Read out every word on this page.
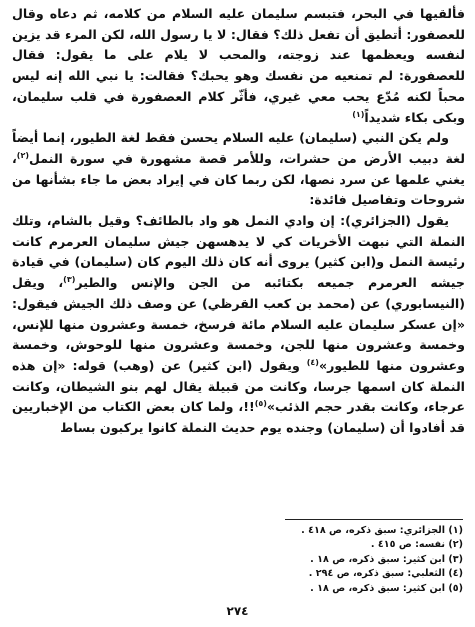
فألقيها في البحر، فتبسم سليمان عليه السلام من كلامه، ثم دعاه وقال للعصفور: أتطيق أن تفعل ذلك؟ فقال: لا يا رسول الله، لكن المرء قد يزين لنفسه ويعظمها عند زوجته، والمحب لا يلام على ما يقول: فقال للعصفورة: لم تمنعيه من نفسك وهو يحبك؟ فقالت: يا نبي الله إنه ليس محباً لكنه مُدّع يحب معي غيري، فأثّر كلام العصفورة في قلب سليمان، وبكى بكاء شديداً$^{(١)}$

ولم يكن النبي (سليمان) عليه السلام يحسن فقط لغة الطيور، إنما أيضاً لغة دبيب الأرض من حشرات، وللأمر قصة مشهورة في سورة النمل$^{(٢)}$، يغني علمها عن سرد نصها، لكن ربما كان في إيراد بعض ما جاء بشأنها من شروحات وتفاصيل فائدة:

يقول (الجزائري): إن وادي النمل هو واد بالطائف؟ وقيل بالشام، وتلك النملة التي نبهت الأخريات كي لا يدهسهن جيش سليمان العرمرم كانت رئيسة النمل و(ابن كثير) يروى أنه كان ذلك اليوم كان (سليمان) في قيادة جيشه العرمرم جميعه بكتائبه من الجن والإنس والطير$^{(٣)}$، ويقل (النيسابوري) عن (محمد بن كعب القرظي) عن وصف ذلك الجيش فيقول: «إن عسكر سليمان عليه السلام مائة فرسخ، خمسة وعشرون منها للإنس، وخمسة وعشرون منها للجن، وخمسة وعشرون منها للوحوش، وخمسة وعشرون منها للطيور»$^{(٤)}$ ويقول (ابن كثير) عن (وهب) قوله: «إن هذه النملة كان اسمها جرسا، وكانت من قبيلة يقال لهم بنو الشيطان، وكانت عرجاء، وكانت بقدر حجم الذئب»$^{(٥)}$!!، ولما كان بعض الكتاب من الإخباريين قد أفادوا أن (سليمان) وجنده يوم حديث النملة كانوا يركبون بساط

(١) الجزائري: سبق ذكره، ص ٤١٨ .

(٢) نفسه: ص ٤١٥ .

(٣) ابن كثير: سبق ذكره، ص ١٨ .

(٤) الثعلبي: سبق ذكره، ص ٢٩٤ .

(٥) ابن كثير: سبق ذكره، ص ١٨ .

٢٧٤
